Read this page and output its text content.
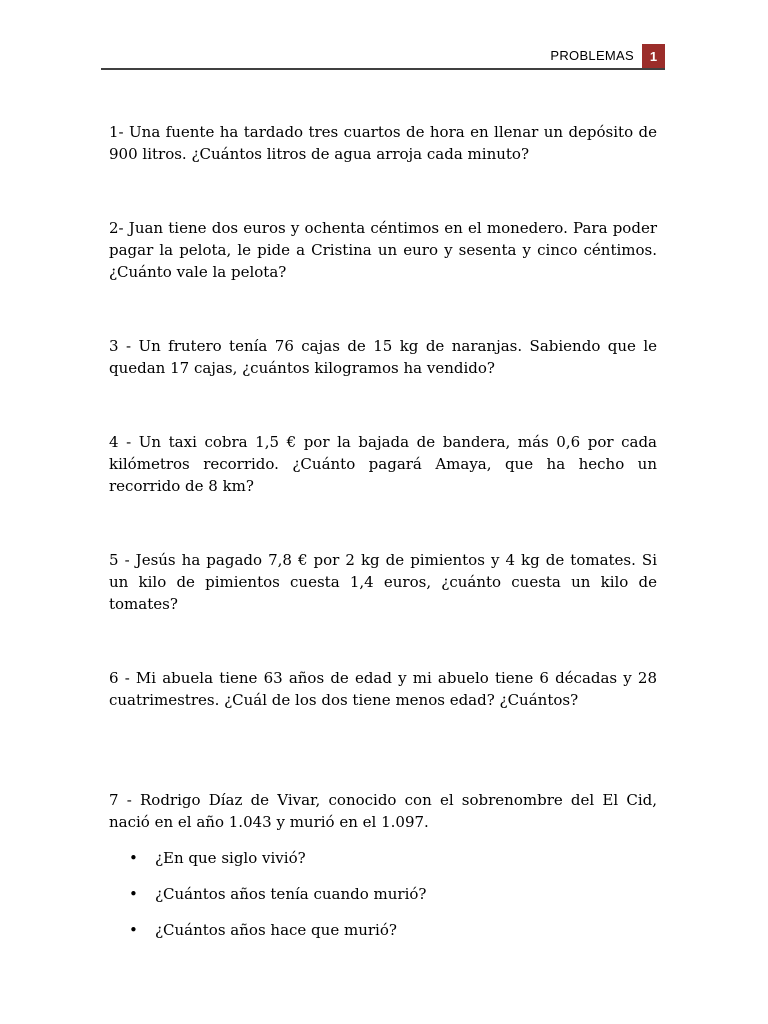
PROBLEMAS	1

1- Una fuente ha tardado tres cuartos de hora en llenar un depósito de 900 litros. ¿Cuántos litros de agua arroja cada minuto?

2- Juan tiene dos euros y ochenta céntimos en el monedero. Para poder pagar la pelota, le pide a Cristina un euro y sesenta y cinco céntimos. ¿Cuánto vale la pelota?

3 - Un frutero tenía 76 cajas de 15 kg de naranjas. Sabiendo que le quedan 17 cajas, ¿cuántos kilogramos ha vendido?

4 - Un taxi cobra 1,5 € por la bajada de bandera, más 0,6 por cada kilómetros recorrido. ¿Cuánto pagará Amaya, que ha hecho un recorrido de 8 km?

5 - Jesús ha pagado 7,8 € por 2 kg de pimientos y 4 kg de tomates. Si un kilo de pimientos cuesta 1,4 euros, ¿cuánto cuesta un kilo de tomates?

6 - Mi abuela tiene 63 años de edad y mi abuelo tiene 6 décadas y 28 cuatrimestres. ¿Cuál de los dos tiene menos edad? ¿Cuántos?

7 - Rodrigo Díaz de Vivar, conocido con el sobrenombre del El Cid, nació en el año 1.043 y murió en el 1.097.

• ¿En que siglo vivió?
• ¿Cuántos años tenía cuando murió?
• ¿Cuántos años hace que murió?
